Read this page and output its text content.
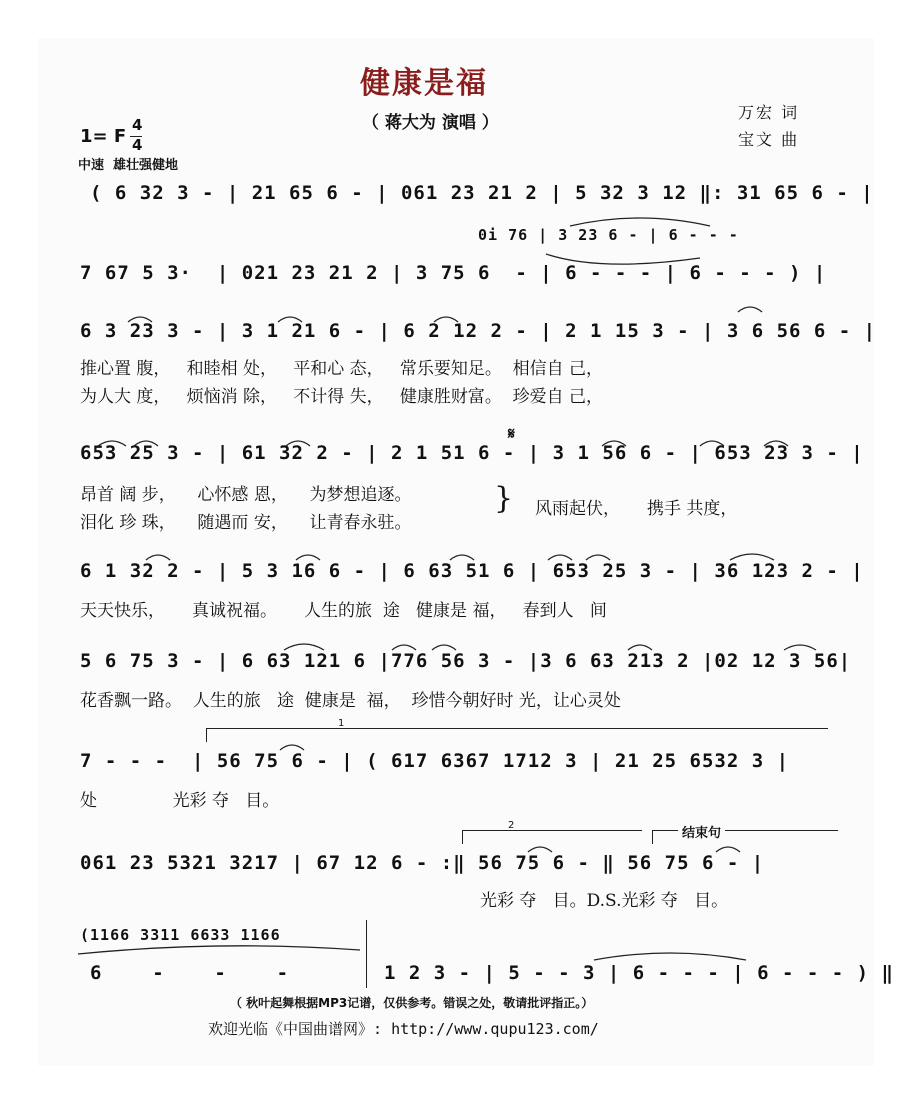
健康是福
（ 蒋大为 演唱 ）
万宏 词
宝文 曲
1= F
4
4
中速  雄壮强健地
( 6 32 3 - | 21 65 6 - | 061 23 21 2 | 5 32 3 12 ‖: 31 65 6 - |
0i 76 | 3 23 6 - | 6 - - -
7 67 5 3·  | 021 23 21 2 | 3 75 6  - | 6 - - - | 6 - - - ) |
6 3 23 3 - | 3 1 21 6 - | 6 2 12 2 - | 2 1 15 3 - | 3 6 56 6 - |
推心置 腹，   和睦相 处，   平和心 态，   常乐要知足。  相信自 己，
为人大 度，   烦恼消 除，   不计得 失，   健康胜财富。  珍爱自 己，
𝄋
653 25 3 - | 61 32 2 - | 2 1 51 6 - | 3 1 56 6 - | 653 23 3 - |
昂首 阔 步，    心怀感 恩，    为梦想追逐。
泪化 珍 珠，    随遇而 安，    让青春永驻。
} 风雨起伏，     携手 共度，
6 1 32 2 - | 5 3 16 6 - | 6 63 51 6 | 653 25 3 - | 36 123 2 - |
天天快乐，     真诚祝福。     人生的旅  途   健康是 福，   春到人   间
5 6 75 3 - | 6 63 121 6 |776 56 3 - |3 6 63 213 2 |02 12 3 56|
花香飘一路。  人生的旅   途  健康是  福，  珍惜今朝好时 光，让心灵处
1
7 - - -  | 56 75 6 - | ( 617 6367 1712 3 | 21 25 6532 3 |
处              光彩 夺   目。
2
结束句
061 23 5321 3217 | 67 12 6 - :‖ 56 75 6 - ‖ 56 75 6 - |
光彩 夺   目。D.S.光彩 夺   目。
(1166 3311 6633 1166
6    -    -    -	1 2 3 - | 5 - - 3 | 6 - - - | 6 - - - ) ‖
（ 秋叶起舞根据MP3记谱，仅供参考。错误之处，敬请批评指正。）
欢迎光临《中国曲谱网》: http://www.qupu123.com/
